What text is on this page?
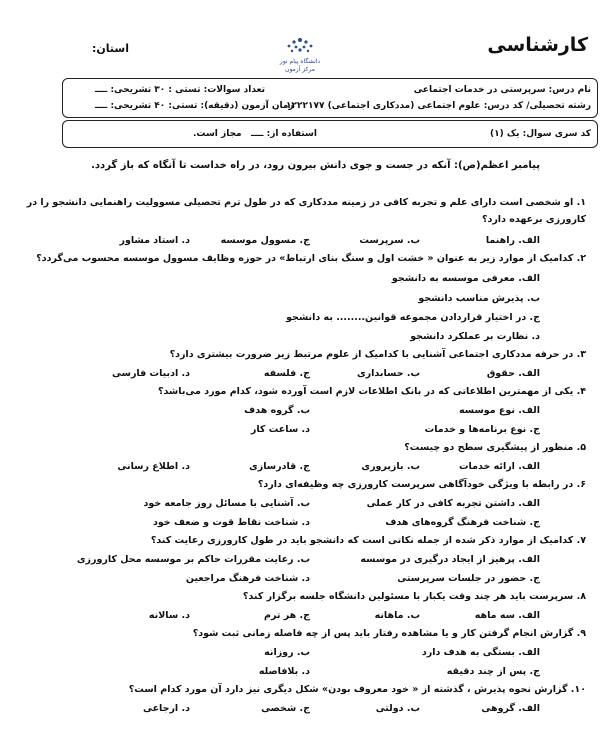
کارشناسی
استان:
دانشگاه پیام نور
مرکز آزمون
نام درس: سرپرستی در خدمات اجتماعی
تعداد سوالات: تستی : ۳۰ تشریحی: ــــ
رشته تحصیلی/ کد درس: علوم اجتماعی (مددکاری اجتماعی) ۱۲۲۲۱۷۷
زمان آزمون (دقیقه): تستی: ۴۰ تشریحی: ــــ
کد سری سوال: یک (۱)
استفاده از: ــــ
مجاز است.
پیامبر اعظم(ص): آنکه در جست و جوی دانش بیرون رود، در راه خداست تا آنگاه که باز گردد.
۱. او شخصی است دارای علم و تجربه کافی در زمینه مددکاری که در طول ترم تحصیلی مسوولیت راهنمایی دانشجو را در
کارورزی برعهده دارد؟
الف. راهنما
ب. سرپرست
ج. مسوول موسسه
د. استاد مشاور
۲. کدامیک از موارد زیر به عنوان « خشت اول و سنگ بنای ارتباط» در حوزه وظایف مسوول موسسه محسوب می‌گردد؟
الف. معرفی موسسه به دانشجو
ب. پذیرش مناسب دانشجو
ج. در اختیار قراردادن مجموعه قوانین........ به دانشجو
د. نظارت بر عملکرد دانشجو
۳. در حرفه مددکاری اجتماعی آشنایی با کدامیک از علوم مرتبط زیر ضرورت بیشتری دارد؟
الف. حقوق
ب. حسابداری
ج. فلسفه
د. ادبیات فارسی
۴. یکی از مهمترین اطلاعاتی که در بانک اطلاعات لازم است آورده شود، کدام مورد می‌باشد؟
الف. نوع موسسه
ب. گروه هدف
ج. نوع برنامه‌ها و خدمات
د. ساعت کار
۵. منظور از پیشگیری سطح دو چیست؟
الف. ارائه خدمات
ب. بازپروری
ج. قادرسازی
د. اطلاع رسانی
۶. در رابطه با ویژگی خودآگاهی سرپرست کارورزی چه وظیفه‌ای دارد؟
الف. داشتن تجربه کافی در کار عملی
ب. آشنایی با مسائل روز جامعه خود
ج. شناخت فرهنگ گروه‌های هدف
د. شناخت نقاط قوت و ضعف خود
۷. کدامیک از موارد ذکر شده از جمله نکاتی است که دانشجو باید در طول کارورزی رعایت کند؟
الف. پرهیز از ایجاد درگیری در موسسه
ب. رعایت مقررات حاکم بر موسسه محل کارورزی
ج. حضور در جلسات سرپرستی
د. شناخت فرهنگ مراجعین
۸. سرپرست باید هر چند وقت یکبار با مسئولین دانشگاه جلسه برگزار کند؟
الف. سه ماهه
ب. ماهانه
ج. هر ترم
د. سالانه
۹. گزارش انجام گرفتن کار و یا مشاهده رفتار باید پس از چه فاصله زمانی ثبت شود؟
الف. بستگی به هدف دارد
ب. روزانه
ج. پس از چند دقیقه
د. بلافاصله
۱۰. گزارش نحوه پذیرش ، گذشته از « خود معروف بودن» شکل دیگری نیز دارد آن مورد کدام است؟
الف. گروهی
ب. دولتی
ج. شخصی
د. ارجاعی
